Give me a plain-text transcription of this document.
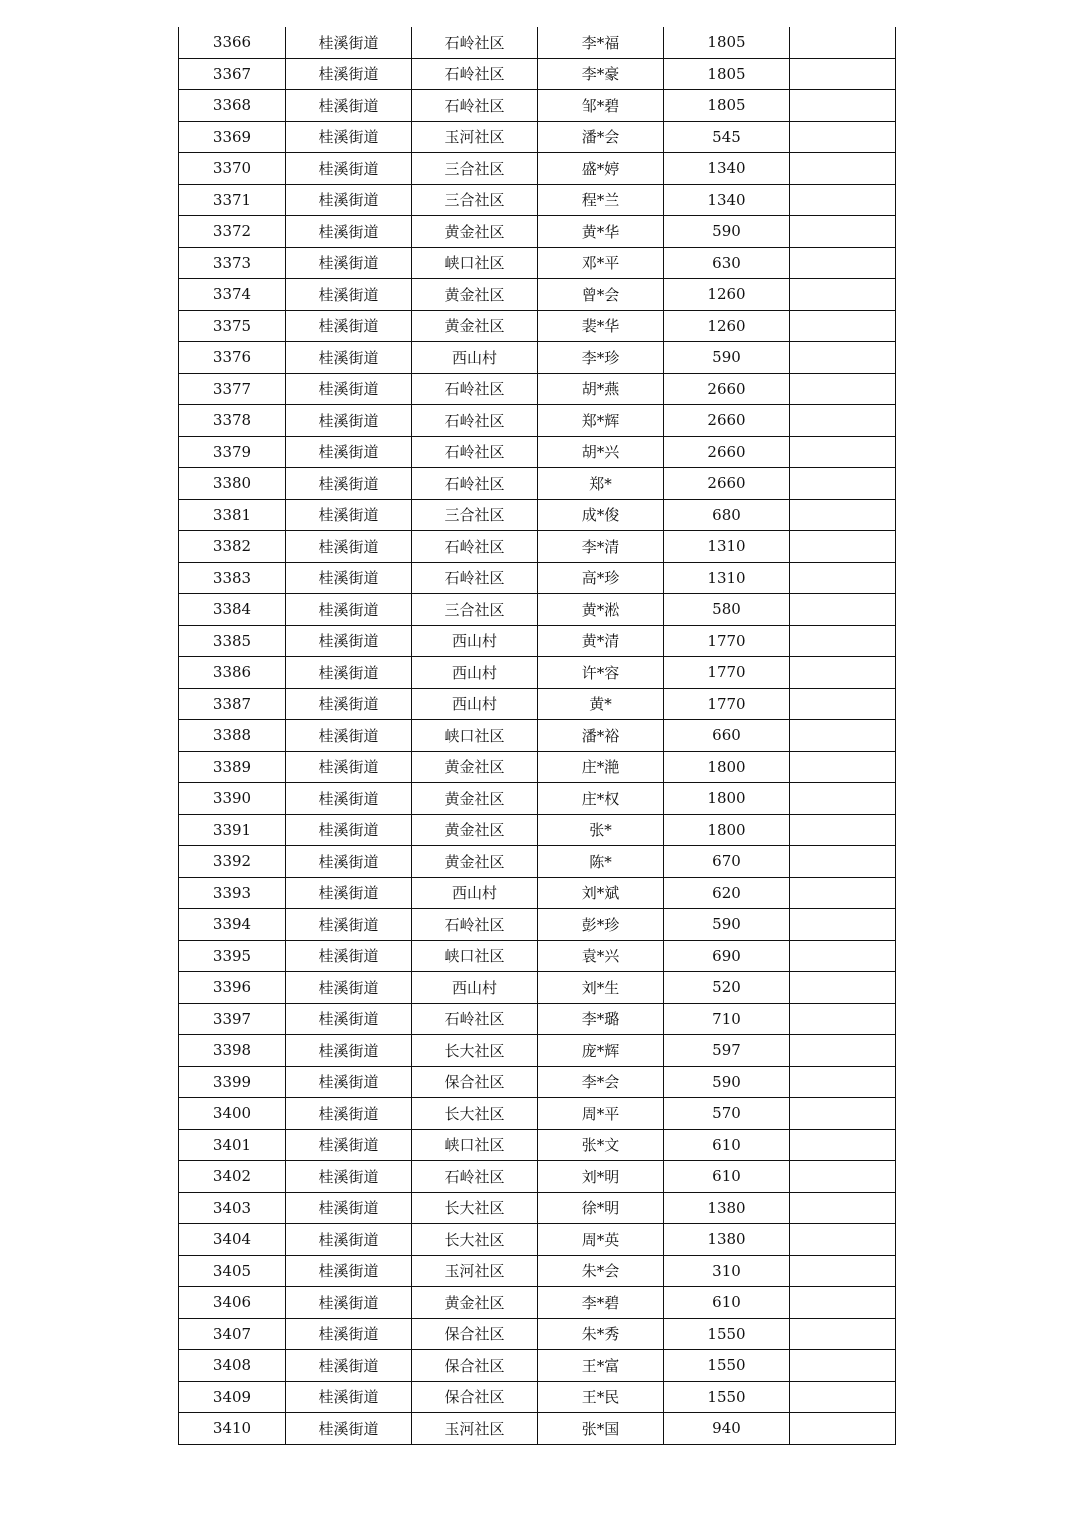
3366	桂溪街道	石岭社区	李*福	1805	
3367	桂溪街道	石岭社区	李*豪	1805	
3368	桂溪街道	石岭社区	邹*碧	1805	
3369	桂溪街道	玉河社区	潘*会	545	
3370	桂溪街道	三合社区	盛*婷	1340	
3371	桂溪街道	三合社区	程*兰	1340	
3372	桂溪街道	黄金社区	黄*华	590	
3373	桂溪街道	峡口社区	邓*平	630	
3374	桂溪街道	黄金社区	曾*会	1260	
3375	桂溪街道	黄金社区	裴*华	1260	
3376	桂溪街道	西山村	李*珍	590	
3377	桂溪街道	石岭社区	胡*燕	2660	
3378	桂溪街道	石岭社区	郑*辉	2660	
3379	桂溪街道	石岭社区	胡*兴	2660	
3380	桂溪街道	石岭社区	郑*	2660	
3381	桂溪街道	三合社区	成*俊	680	
3382	桂溪街道	石岭社区	李*清	1310	
3383	桂溪街道	石岭社区	高*珍	1310	
3384	桂溪街道	三合社区	黄*淞	580	
3385	桂溪街道	西山村	黄*清	1770	
3386	桂溪街道	西山村	许*容	1770	
3387	桂溪街道	西山村	黄*	1770	
3388	桂溪街道	峡口社区	潘*裕	660	
3389	桂溪街道	黄金社区	庄*滟	1800	
3390	桂溪街道	黄金社区	庄*权	1800	
3391	桂溪街道	黄金社区	张*	1800	
3392	桂溪街道	黄金社区	陈*	670	
3393	桂溪街道	西山村	刘*斌	620	
3394	桂溪街道	石岭社区	彭*珍	590	
3395	桂溪街道	峡口社区	袁*兴	690	
3396	桂溪街道	西山村	刘*生	520	
3397	桂溪街道	石岭社区	李*璐	710	
3398	桂溪街道	长大社区	庞*辉	597	
3399	桂溪街道	保合社区	李*会	590	
3400	桂溪街道	长大社区	周*平	570	
3401	桂溪街道	峡口社区	张*文	610	
3402	桂溪街道	石岭社区	刘*明	610	
3403	桂溪街道	长大社区	徐*明	1380	
3404	桂溪街道	长大社区	周*英	1380	
3405	桂溪街道	玉河社区	朱*会	310	
3406	桂溪街道	黄金社区	李*碧	610	
3407	桂溪街道	保合社区	朱*秀	1550	
3408	桂溪街道	保合社区	王*富	1550	
3409	桂溪街道	保合社区	王*民	1550	
3410	桂溪街道	玉河社区	张*国	940	
